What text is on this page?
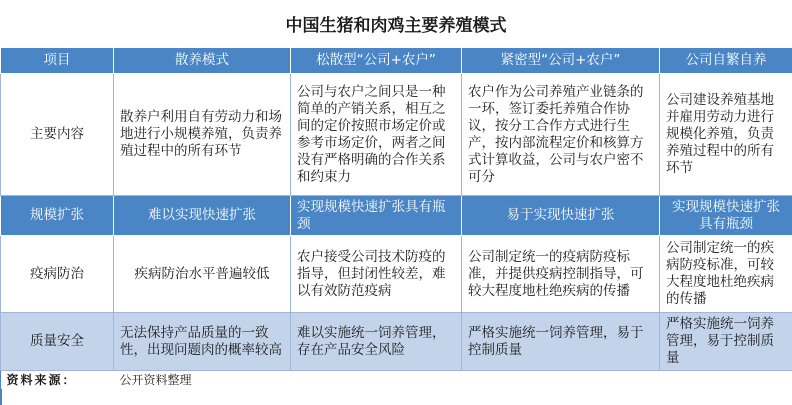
中国生猪和肉鸡主要养殖模式
项目	散养模式	松散型“公司+农户”	紧密型“公司+农户”	公司自繁自养
主要内容	散养户利用自有劳动力和场地进行小规模养殖，负责养殖过程中的所有环节	公司与农户之间只是一种简单的产销关系，相互之间的定价按照市场定价或参考市场定价，两者之间没有严格明确的合作关系和约束力	农户作为公司养殖产业链条的一环，签订委托养殖合作协议，按分工合作方式进行生产，按内部流程定价和核算方式计算收益，公司与农户密不可分	公司建设养殖基地并雇用劳动力进行规模化养殖，负责养殖过程中的所有环节
规模扩张	难以实现快速扩张	实现规模快速扩张具有瓶颈	易于实现快速扩张	实现规模快速扩张具有瓶颈
疫病防治	疾病防治水平普遍较低	农户接受公司技术防疫的指导，但封闭性较差，难以有效防范疫病	公司制定统一的疫病防疫标准，并提供疫病控制指导，可较大程度地杜绝疾病的传播	公司制定统一的疾病防疫标准，可较大程度地杜绝疾病的传播
质量安全	无法保持产品质量的一致性，出现问题肉的概率较高	难以实施统一饲养管理，存在产品安全风险	严格实施统一饲养管理，易于控制质量	严格实施统一饲养管理，易于控制质量
资料来源：	公开资料整理			
